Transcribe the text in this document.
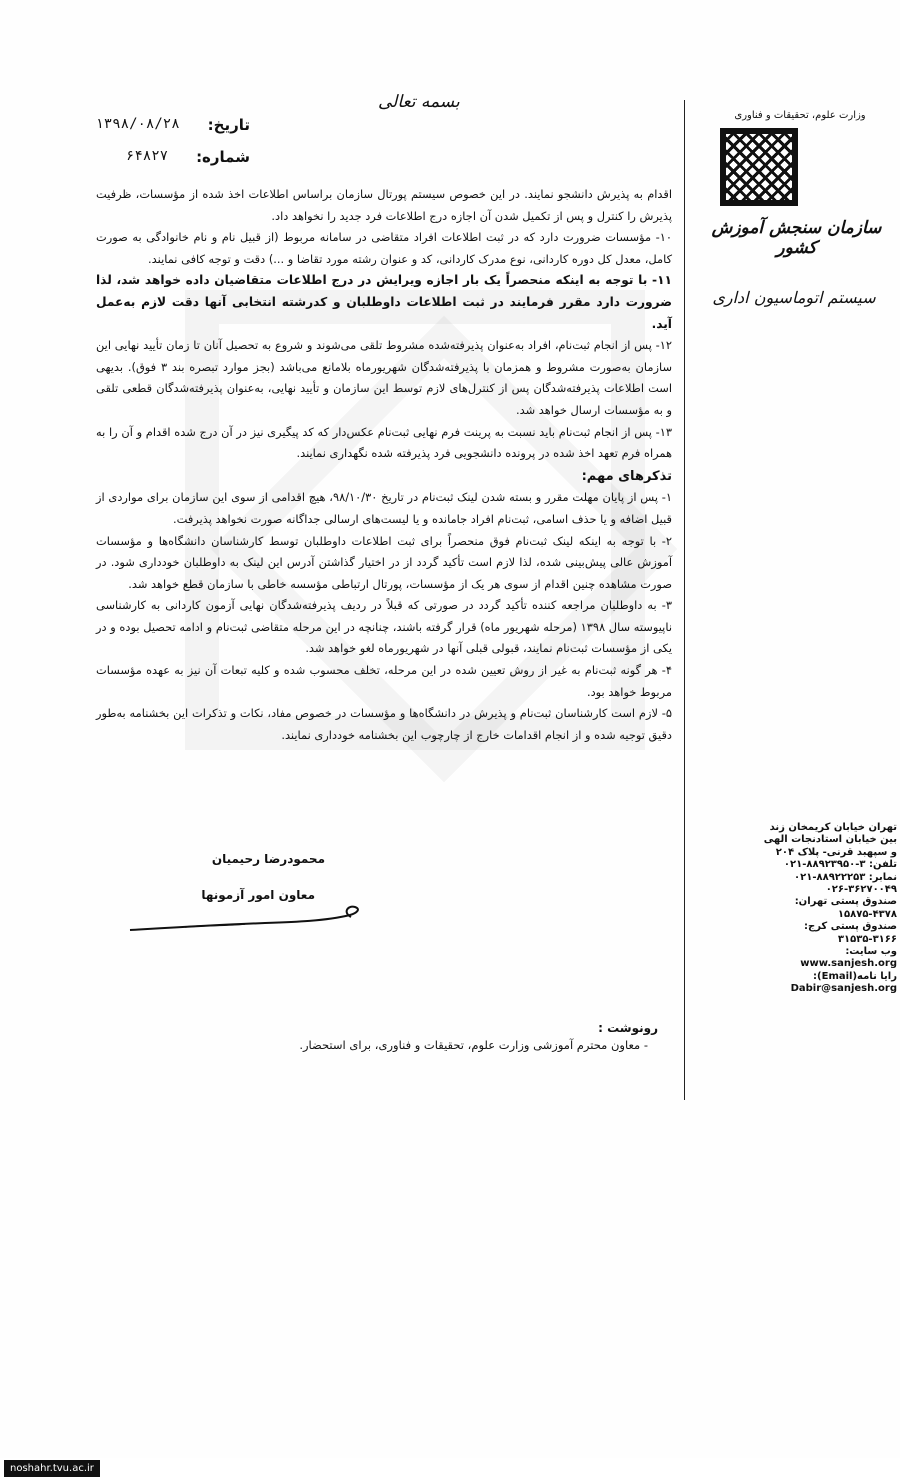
بسمه تعالی
تاریخ:
۱۳۹۸/۰۸/۲۸
شماره:
۶۴۸۲۷
وزارت علوم، تحقیقات و فناوری
سازمان سنجش آموزش کشور
سیستم اتوماسیون اداری

اقدام به پذیرش دانشجو نمایند. در این خصوص سیستم پورتال سازمان براساس اطلاعات اخذ شده از مؤسسات، ظرفیت پذیرش را کنترل و پس از تکمیل شدن آن اجازه درج اطلاعات فرد جدید را نخواهد داد.

۱۰- مؤسسات ضرورت دارد که در ثبت اطلاعات افراد متقاضی در سامانه مربوط (از قبیل نام و نام خانوادگی به صورت کامل، معدل کل دوره کاردانی، نوع مدرک کاردانی، کد و عنوان رشته مورد تقاضا و ...) دقت و توجه کافی نمایند.

۱۱- با توجه به اینکه منحصراً یک بار اجازه ویرایش در درج اطلاعات متقاضیان داده خواهد شد، لذا ضرورت دارد مقرر فرمایند در ثبت اطلاعات داوطلبان و کدرشته انتخابی آنها دقت لازم به‌عمل آید.

۱۲- پس از انجام ثبت‌نام، افراد به‌عنوان پذیرفته‌شده مشروط تلقی می‌شوند و شروع به تحصیل آنان تا زمان تأیید نهایی این سازمان به‌صورت مشروط و همزمان با پذیرفته‌شدگان شهریورماه بلامانع می‌باشد (بجز موارد تبصره بند ۳ فوق). بدیهی است اطلاعات پذیرفته‌شدگان پس از کنترل‌های لازم توسط این سازمان و تأیید نهایی، به‌عنوان پذیرفته‌شدگان قطعی تلقی و به مؤسسات ارسال خواهد شد.

۱۳- پس از انجام ثبت‌نام باید نسبت به پرینت فرم نهایی ثبت‌نام عکس‌دار که کد پیگیری نیز در آن درج شده اقدام و آن را به همراه فرم تعهد اخذ شده در پرونده دانشجویی فرد پذیرفته شده نگهداری نمایند.

تذکرهای مهم:

۱- پس از پایان مهلت مقرر و بسته شدن لینک ثبت‌نام در تاریخ ۹۸/۱۰/۳۰، هیچ اقدامی از سوی این سازمان برای مواردی از قبیل اضافه و یا حذف اسامی، ثبت‌نام افراد جامانده و یا لیست‌های ارسالی جداگانه صورت نخواهد پذیرفت.

۲- با توجه به اینکه لینک ثبت‌نام فوق منحصراً برای ثبت اطلاعات داوطلبان توسط کارشناسان دانشگاه‌ها و مؤسسات آموزش عالی پیش‌بینی شده، لذا لازم است تأکید گردد از در اختیار گذاشتن آدرس این لینک به داوطلبان خودداری شود. در صورت مشاهده چنین اقدام از سوی هر یک از مؤسسات، پورتال ارتباطی مؤسسه خاطی با سازمان قطع خواهد شد.

۳- به داوطلبان مراجعه کننده تأکید گردد در صورتی که قبلاً در ردیف پذیرفته‌شدگان نهایی آزمون کاردانی به کارشناسی ناپیوسته سال ۱۳۹۸ (مرحله شهریور ماه) قرار گرفته باشند، چنانچه در این مرحله متقاضی ثبت‌نام و ادامه تحصیل بوده و در یکی از مؤسسات ثبت‌نام نمایند، قبولی قبلی آنها در شهریورماه لغو خواهد شد.

۴- هر گونه ثبت‌نام به غیر از روش تعیین شده در این مرحله، تخلف محسوب شده و کلیه تبعات آن نیز به عهده مؤسسات مربوط خواهد بود.

۵- لازم است کارشناسان ثبت‌نام و پذیرش در دانشگاه‌ها و مؤسسات در خصوص مفاد، نکات و تذکرات این بخشنامه به‌طور دقیق توجیه شده و از انجام اقدامات خارج از چارچوب این بخشنامه خودداری نمایند.

محمودرضا رحیمیان
معاون امور آزمونها
تهران خیابان کریمخان زند
بین خیابان استادنجات الهی
و سپهبد قرنی- پلاک ۲۰۴
تلفن: ۳-۸۸۹۲۳۹۵۰-۰۲۱
نمابر: ۸۸۹۲۲۲۵۳-۰۲۱
۰۲۶-۳۶۲۷۰۰۴۹
صندوق پستی تهران:
۱۵۸۷۵-۴۳۷۸
صندوق پستی کرج:
۳۱۵۳۵-۳۱۶۶
وب سایت:
www.sanjesh.org
رایا نامه(Email):
Dabir@sanjesh.org
رونوشت :
- معاون محترم آموزشی وزارت علوم، تحقیقات و فناوری، برای استحضار.
noshahr.tvu.ac.ir
